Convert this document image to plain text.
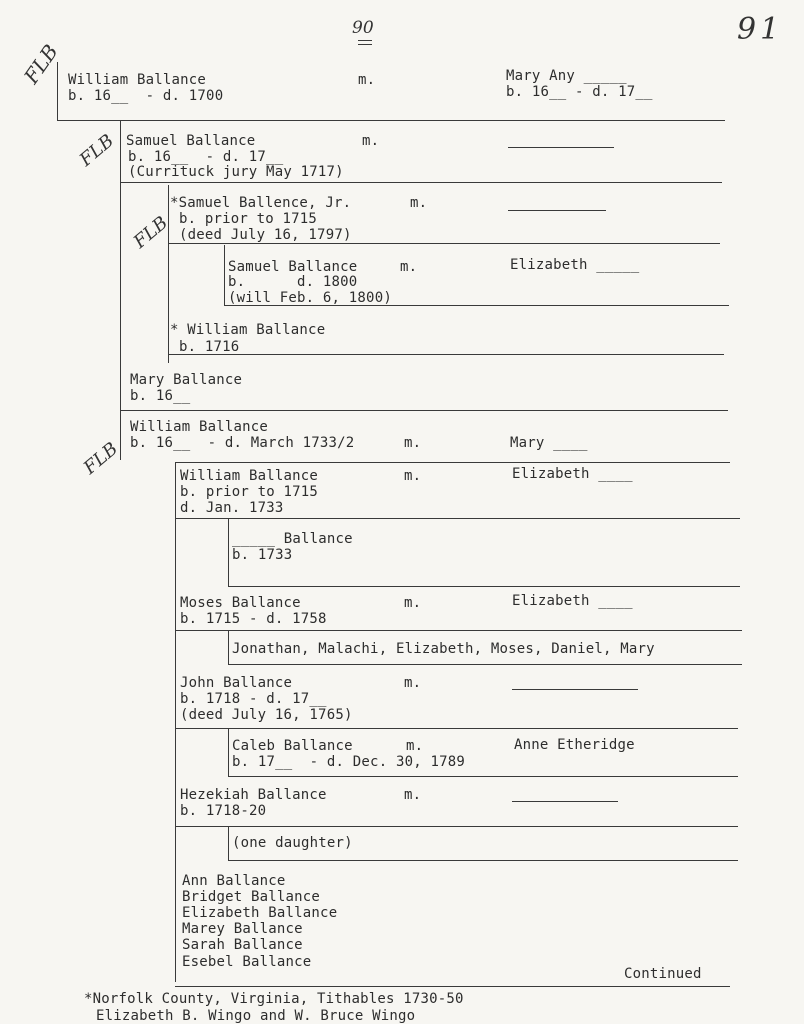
90	91
FLB
FLB
FLB
FLB
William Ballance
b. 16__  - d. 1700
m.	Mary Any _____
b. 16__ - d. 17__
Samuel Ballance	m.
b. 16__  - d. 17__
(Currituck jury May 1717)
*Samuel Ballence, Jr.	m.
b. prior to 1715
(deed July 16, 1797)
Samuel Ballance	m.	Elizabeth _____
b.      d. 1800
(will Feb. 6, 1800)
* William Ballance
b. 1716
Mary Ballance
b. 16__
William Ballance
b. 16__  - d. March 1733/2	m.	Mary ____
William Ballance	m.	Elizabeth ____
b. prior to 1715
d. Jan. 1733
_____ Ballance
b. 1733
Moses Ballance	m.	Elizabeth ____
b. 1715 - d. 1758
Jonathan, Malachi, Elizabeth, Moses, Daniel, Mary
John Ballance	m.
b. 1718 - d. 17__
(deed July 16, 1765)
Caleb Ballance	m.	Anne Etheridge
b. 17__  - d. Dec. 30, 1789
Hezekiah Ballance	m.
b. 1718-20
(one daughter)
Ann Ballance
Bridget Ballance
Elizabeth Ballance
Marey Ballance
Sarah Ballance
Esebel Ballance
Continued
*Norfolk County, Virginia, Tithables 1730-50
Elizabeth B. Wingo and W. Bruce Wingo
